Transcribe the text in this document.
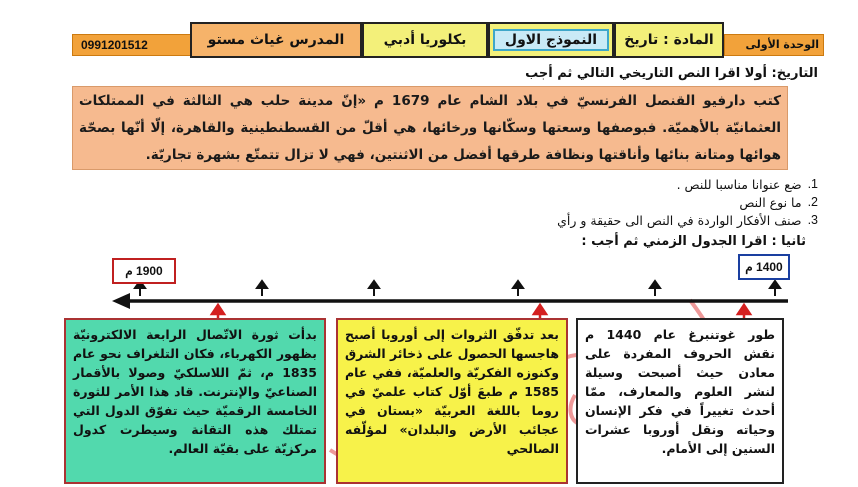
0991201512	المدرس غياث مستو	بكلوريا أدبي	النموذج الاول	المادة : تاريخ	الوحدة الأولى
التاريخ: أولا اقرا النص التاريخي التالي ثم أجب
كتب دارفيو القنصل الفرنسيّ في بلاد الشام عام 1679 م «إنّ مدينة حلب هي الثالثة في الممتلكات العثمانيّة بالأهميّة. فبوصفها وسعتها وسكّانها ورخائها، هي أقلّ من القسطنطينية والقاهرة، إلّا أنّها بصحّة هوائها ومتانة بنائها وأناقتها ونظافة طرقها أفضل من الاثنتين، فهي لا تزال تتمتّع بشهرة تجاريّة.
1.
ضع عنوانا مناسبا للنص .
2.
ما نوع النص
3.
صنف الأفكار الواردة في النص الى حقيقة و رأي
ثانيا : اقرا الجدول الزمني ثم أجب :
1900 م	1400 م
بدأت ثورة الاتّصال الرابعة الالكترونيّة بظهور الكهرباء، فكان التلغراف نحو عام 1835 م، ثمّ اللاسلكيّ وصولا بالأقمار الصناعيّ والإنترنت. قاد هذا الأمر للثورة الخامسة الرقميّة حيث تفوّق الدول التي تمتلك هذه التقانة وسيطرت كدول مركزيّة على بقيّة العالم.
بعد تدفّق الثروات إلى أوروبا أصبح هاجسها الحصول على ذخائر الشرق وكنوزه الفكريّة والعلميّة، ففي عام 1585 م طبعَ أوّل كتاب علميّ في روما باللغة العربيّة «بستان في عجائب الأرض والبلدان» لمؤلّفه الصالحي
طور غوتنبرغ عام 1440 م نقش الحروف المفردة على معادن حيث أصبحت وسيلة لنشر العلوم والمعارف، ممّا أحدث تغييراً في فكر الإنسان وحياته ونقل أوروبا عشرات السنين إلى الأمام.
